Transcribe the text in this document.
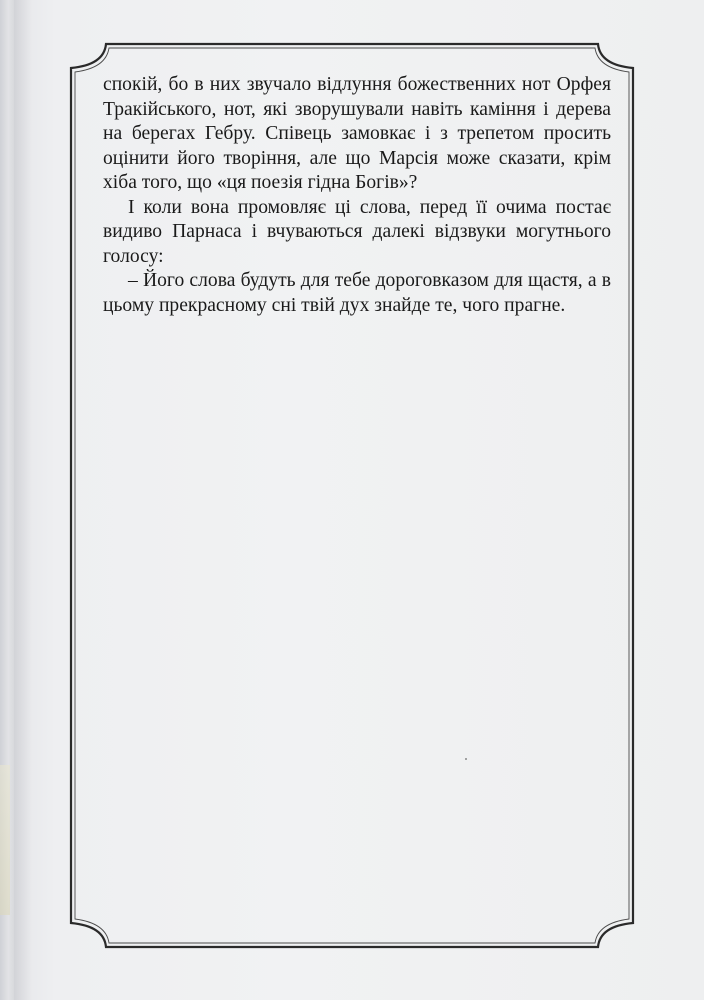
спокій, бо в них звучало відлуння божественних нот Орфея Тракійського, нот, які зворушували навіть каміння і дерева на берегах Гебру. Співець замовкає і з трепетом просить оцінити його творіння, але що Марсія може сказати, крім хіба того, що «ця поезія гідна Богів»?

І коли вона промовляє ці слова, перед її очима постає видиво Парнаса і вчуваються далекі відзвуки могутнього голосу:

– Його слова будуть для тебе дороговказом для щастя, а в цьому прекрасному сні твій дух знайде те, чого прагне.
